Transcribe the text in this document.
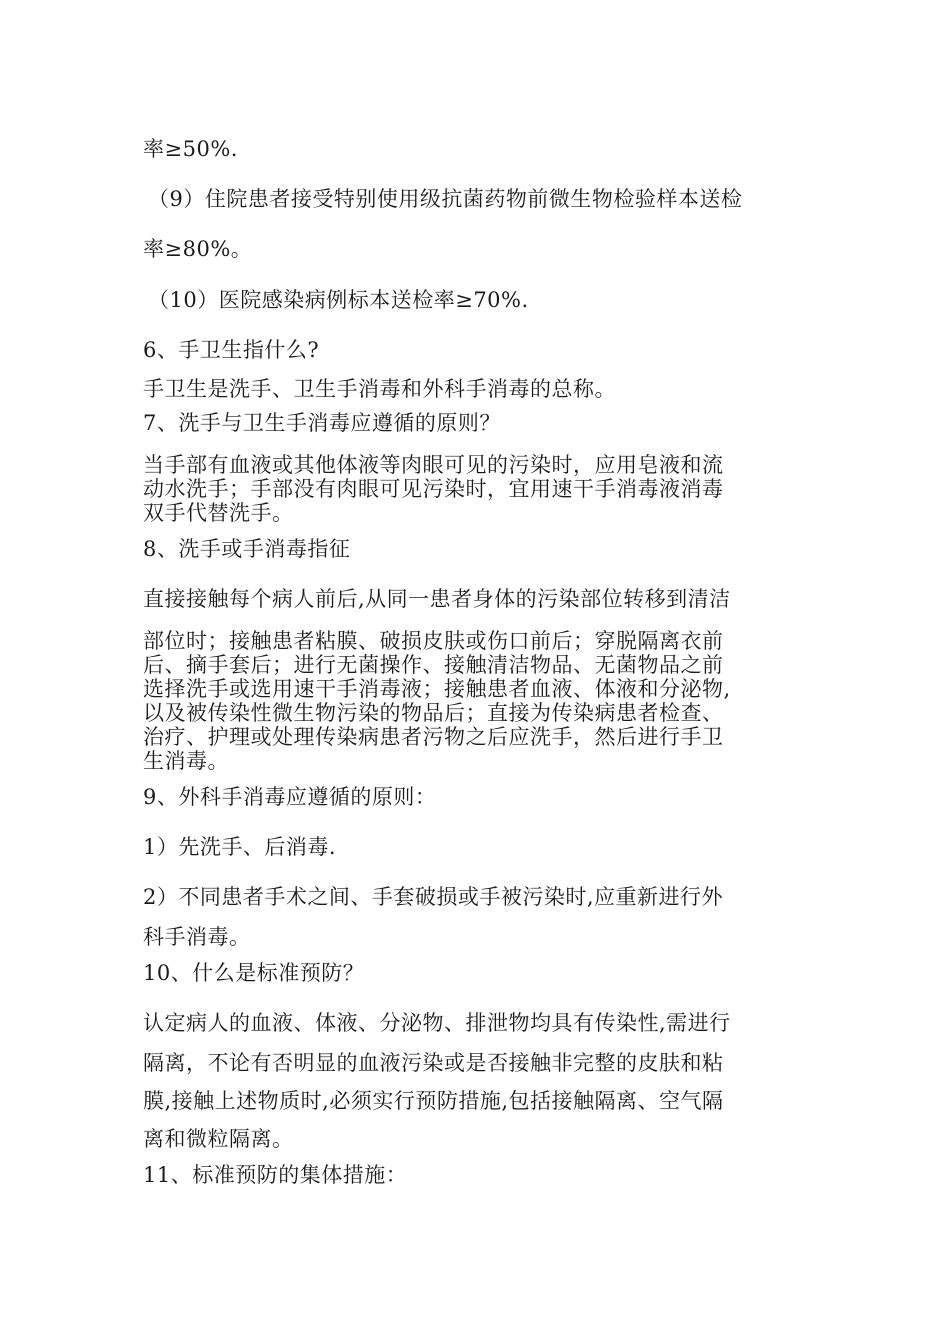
率≥50%.
（9）住院患者接受特别使用级抗菌药物前微生物检验样本送检
率≥80%。
（10）医院感染病例标本送检率≥70%.
6、手卫生指什么?
手卫生是洗手、卫生手消毒和外科手消毒的总称。
7、洗手与卫生手消毒应遵循的原则？
当手部有血液或其他体液等肉眼可见的污染时，应用皂液和流
动水洗手；手部没有肉眼可见污染时，宜用速干手消毒液消毒
双手代替洗手。
8、洗手或手消毒指征
直接接触每个病人前后,从同一患者身体的污染部位转移到清洁
部位时；接触患者粘膜、破损皮肤或伤口前后；穿脱隔离衣前
后、摘手套后；进行无菌操作、接触清洁物品、无菌物品之前
选择洗手或选用速干手消毒液；接触患者血液、体液和分泌物,
以及被传染性微生物污染的物品后；直接为传染病患者检查、
治疗、护理或处理传染病患者污物之后应洗手，然后进行手卫
生消毒。
9、外科手消毒应遵循的原则：
1）先洗手、后消毒.
2）不同患者手术之间、手套破损或手被污染时,应重新进行外
科手消毒。
10、什么是标准预防？
认定病人的血液、体液、分泌物、排泄物均具有传染性,需进行
隔离，不论有否明显的血液污染或是否接触非完整的皮肤和粘
膜,接触上述物质时,必须实行预防措施,包括接触隔离、空气隔
离和微粒隔离。
11、标准预防的集体措施：
